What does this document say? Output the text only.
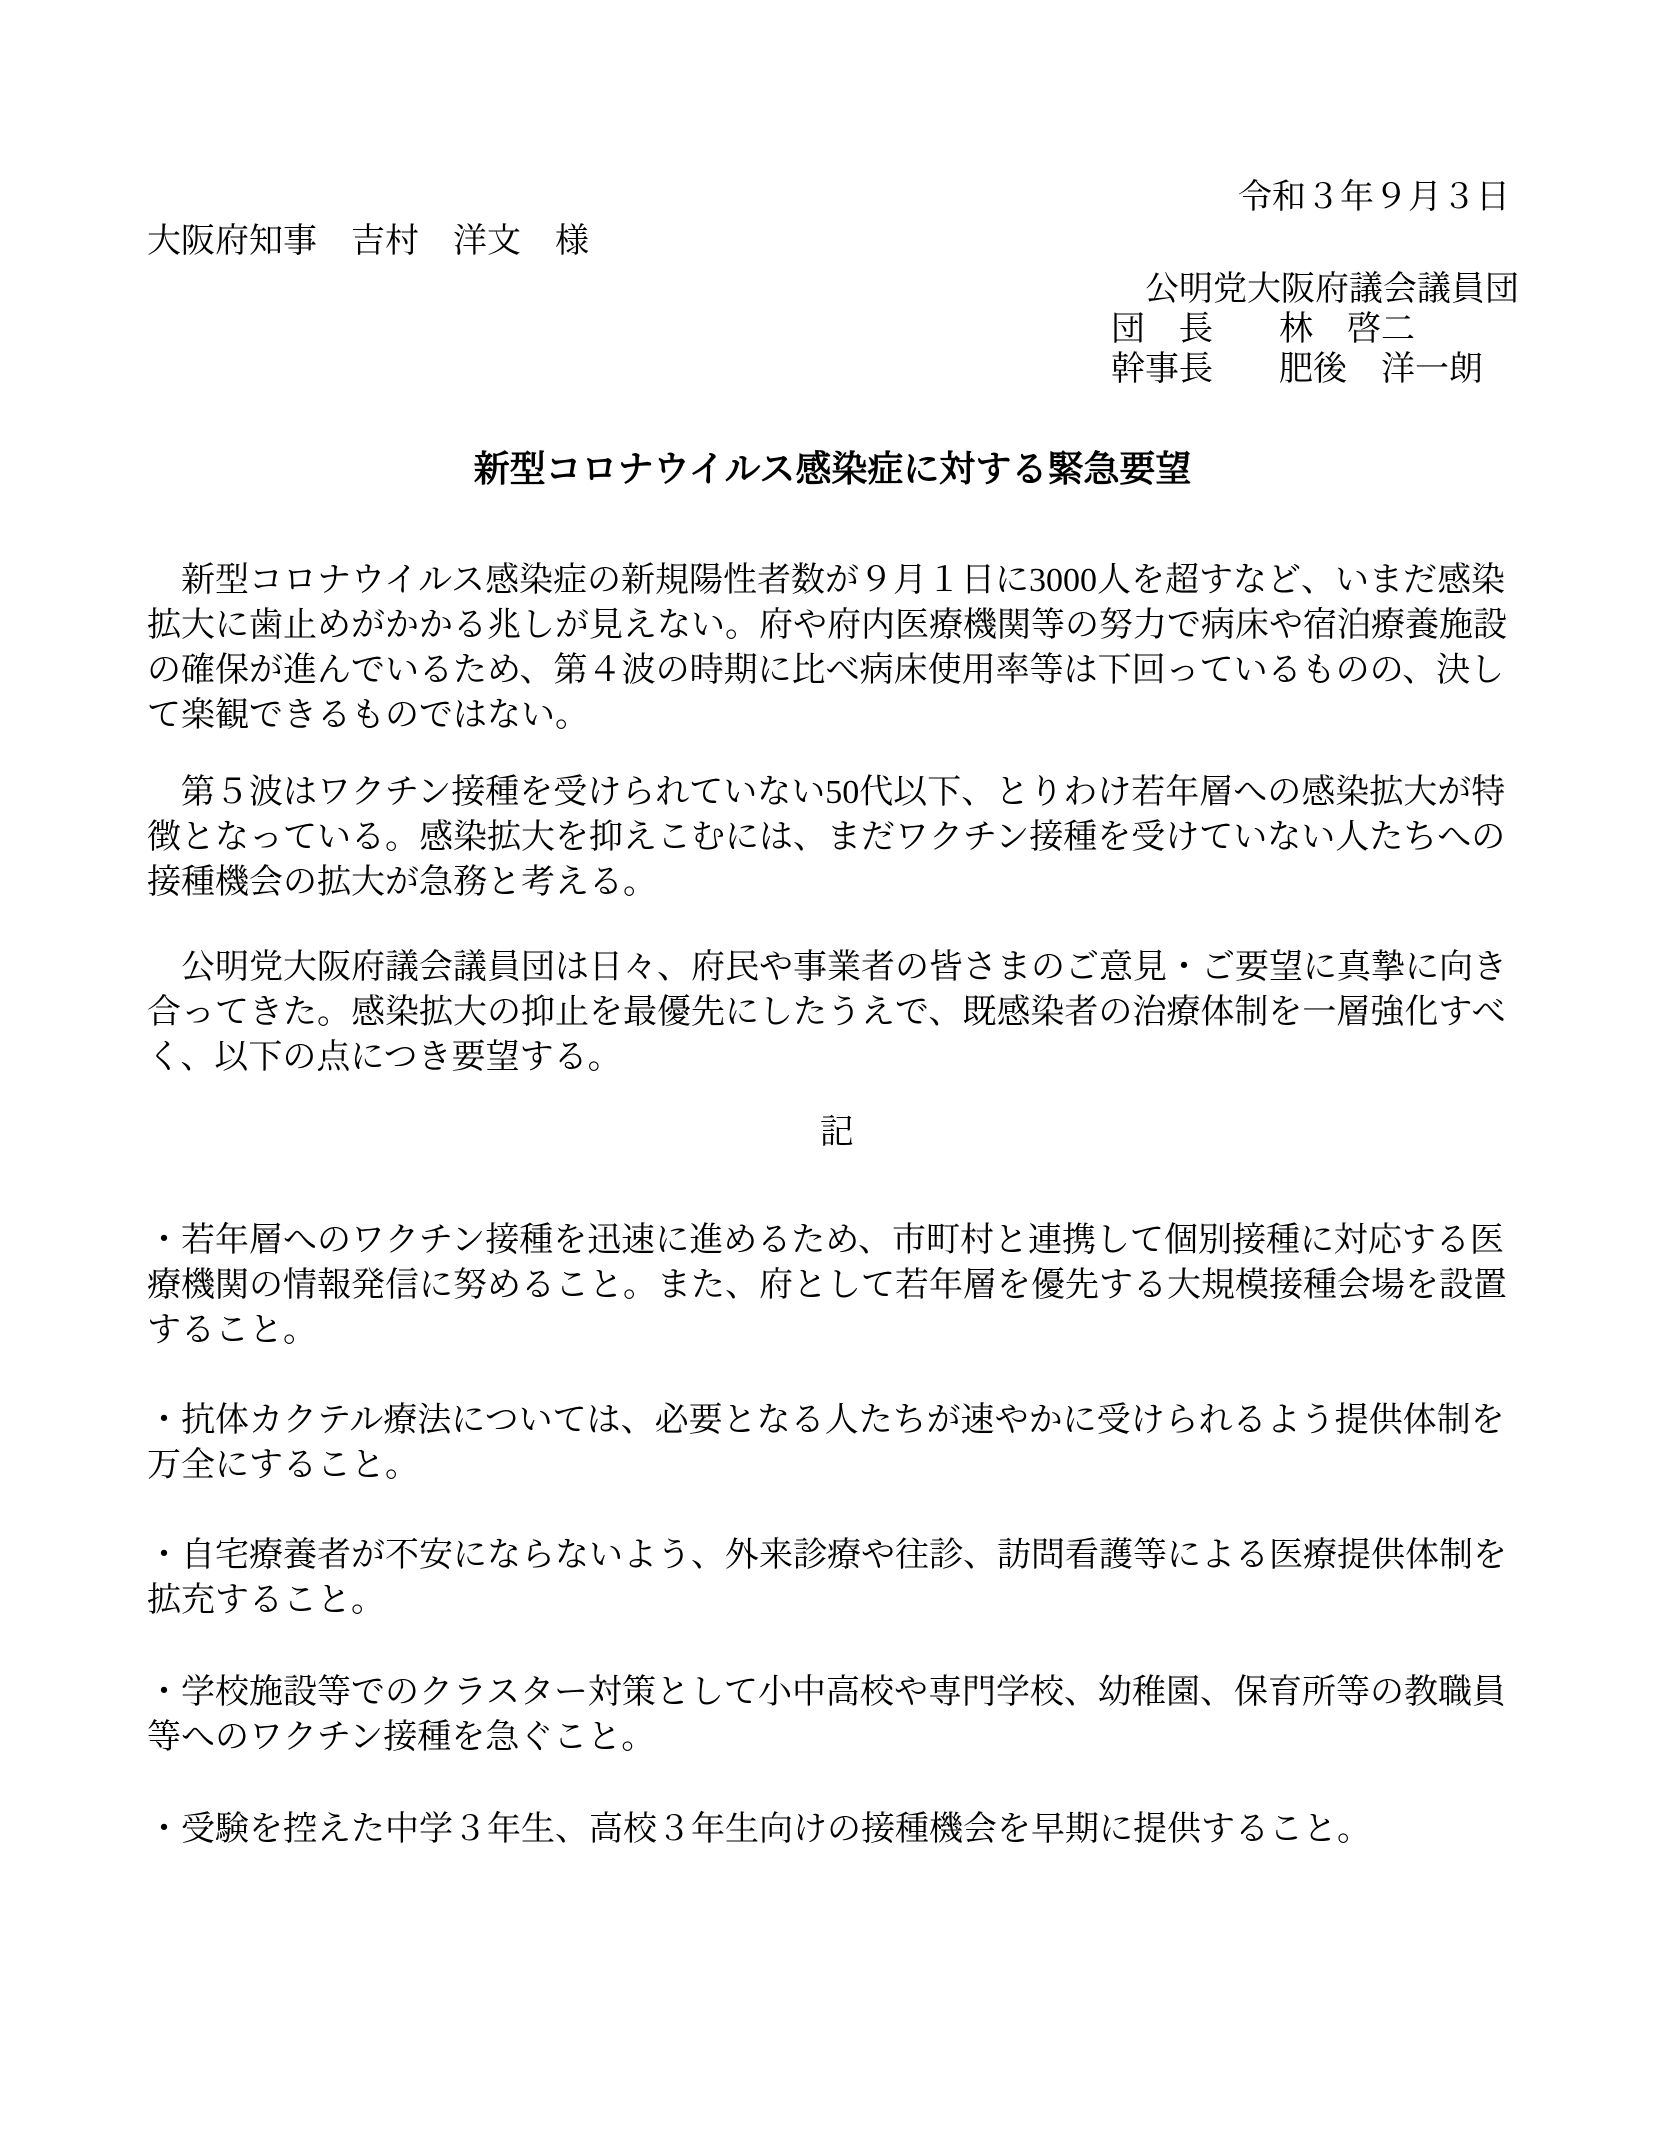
令和３年９月３日
大阪府知事　吉村　洋文　様
公明党大阪府議会議員団
団　長 林　啓二
幹事長 肥後　洋一朗
新型コロナウイルス感染症に対する緊急要望
　新型コロナウイルス感染症の新規陽性者数が９月１日に3000人を超すなど、いまだ感染
拡大に歯止めがかかる兆しが見えない。府や府内医療機関等の努力で病床や宿泊療養施設
の確保が進んでいるため、第４波の時期に比べ病床使用率等は下回っているものの、決し
て楽観できるものではない。
　第５波はワクチン接種を受けられていない50代以下、とりわけ若年層への感染拡大が特
徴となっている。感染拡大を抑えこむには、まだワクチン接種を受けていない人たちへの
接種機会の拡大が急務と考える。
　公明党大阪府議会議員団は日々、府民や事業者の皆さまのご意見・ご要望に真摯に向き
合ってきた。感染拡大の抑止を最優先にしたうえで、既感染者の治療体制を一層強化すべ
く、以下の点につき要望する。
記
・若年層へのワクチン接種を迅速に進めるため、市町村と連携して個別接種に対応する医
療機関の情報発信に努めること。また、府として若年層を優先する大規模接種会場を設置
すること。
・抗体カクテル療法については、必要となる人たちが速やかに受けられるよう提供体制を
万全にすること。
・自宅療養者が不安にならないよう、外来診療や往診、訪問看護等による医療提供体制を
拡充すること。
・学校施設等でのクラスター対策として小中高校や専門学校、幼稚園、保育所等の教職員
等へのワクチン接種を急ぐこと。
・受験を控えた中学３年生、高校３年生向けの接種機会を早期に提供すること。
